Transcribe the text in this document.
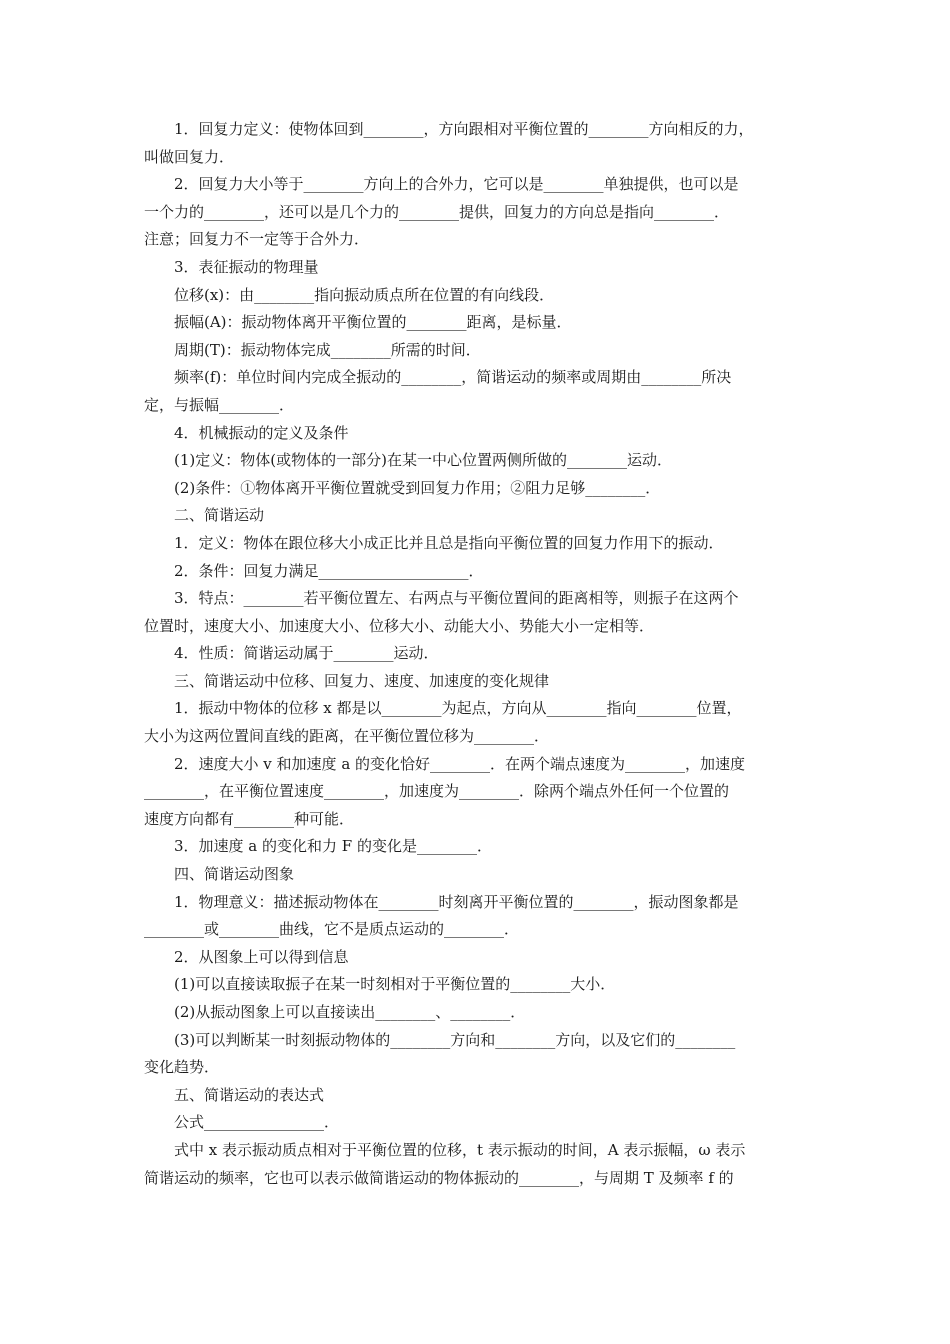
1．回复力定义：使物体回到________，方向跟相对平衡位置的________方向相反的力，

叫做回复力．

2．回复力大小等于________方向上的合外力，它可以是________单独提供，也可以是

一个力的________，还可以是几个力的________提供，回复力的方向总是指向________．

注意；回复力不一定等于合外力．

3．表征振动的物理量

位移(x)：由________指向振动质点所在位置的有向线段．

振幅(A)：振动物体离开平衡位置的________距离，是标量．

周期(T)：振动物体完成________所需的时间．

频率(f)：单位时间内完成全振动的________，简谐运动的频率或周期由________所决

定，与振幅________．

4．机械振动的定义及条件

(1)定义：物体(或物体的一部分)在某一中心位置两侧所做的________运动．

(2)条件：①物体离开平衡位置就受到回复力作用；②阻力足够________．

二、简谐运动

1．定义：物体在跟位移大小成正比并且总是指向平衡位置的回复力作用下的振动．

2．条件：回复力满足____________________．

3．特点：________若平衡位置左、右两点与平衡位置间的距离相等，则振子在这两个

位置时，速度大小、加速度大小、位移大小、动能大小、势能大小一定相等．

4．性质：简谐运动属于________运动．

三、简谐运动中位移、回复力、速度、加速度的变化规律

1．振动中物体的位移 x 都是以________为起点，方向从________指向________位置，

大小为这两位置间直线的距离，在平衡位置位移为________．

2．速度大小 v 和加速度 a 的变化恰好________．在两个端点速度为________，加速度

________，在平衡位置速度________，加速度为________．除两个端点外任何一个位置的

速度方向都有________种可能．

3．加速度 a 的变化和力 F 的变化是________．

四、简谐运动图象

1．物理意义：描述振动物体在________时刻离开平衡位置的________，振动图象都是

________或________曲线，它不是质点运动的________．

2．从图象上可以得到信息

(1)可以直接读取振子在某一时刻相对于平衡位置的________大小．

(2)从振动图象上可以直接读出________、________．

(3)可以判断某一时刻振动物体的________方向和________方向，以及它们的________

变化趋势．

五、简谐运动的表达式

公式________________．

式中 x 表示振动质点相对于平衡位置的位移，t 表示振动的时间，A 表示振幅，ω 表示

简谐运动的频率，它也可以表示做简谐运动的物体振动的________，与周期 T 及频率 f 的
